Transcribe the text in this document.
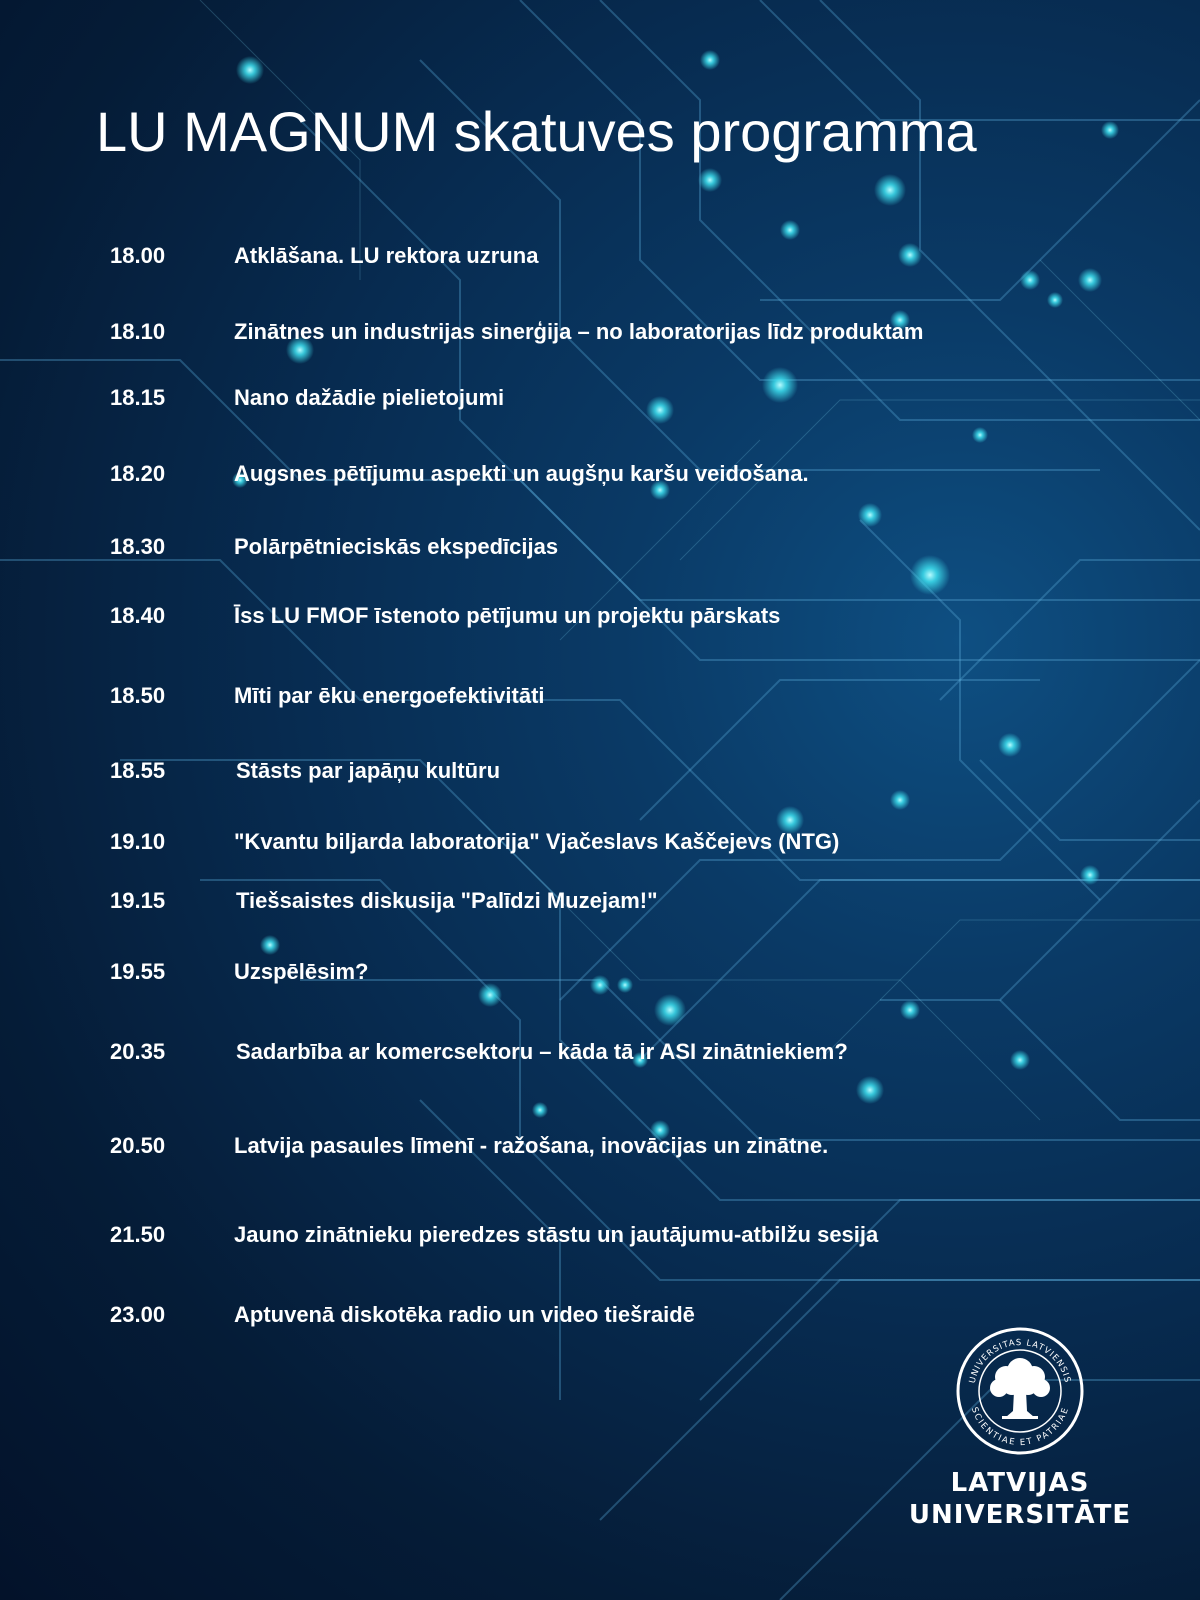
LU MAGNUM skatuves programma
18.00	Atklāšana. LU rektora uzruna
18.10	Zinātnes un industrijas sinerģija – no laboratorijas līdz produktam
18.15	Nano dažādie pielietojumi
18.20	Augsnes pētījumu aspekti un augšņu karšu veidošana.
18.30	Polārpētnieciskās ekspedīcijas
18.40	Īss LU FMOF īstenoto pētījumu un projektu pārskats
18.50	Mīti par ēku energoefektivitāti
18.55	Stāsts par japāņu kultūru
19.10	"Kvantu biljarda laboratorija" Vjačeslavs Kaščejevs (NTG)
19.15	Tiešsaistes diskusija "Palīdzi Muzejam!"
19.55	Uzspēlēsim?
20.35	Sadarbība ar komercsektoru – kāda tā ir ASI zinātniekiem?
20.50	Latvija pasaules līmenī - ražošana, inovācijas un zinātne.
21.50	Jauno zinātnieku pieredzes stāstu un jautājumu-atbilžu sesija
23.00	Aptuvenā diskotēka radio un video tiešraidē
UNIVERSITAS LATVIENSIS
SCIENTIAE ET PATRIAE
LATVIJAS
UNIVERSITĀTE
